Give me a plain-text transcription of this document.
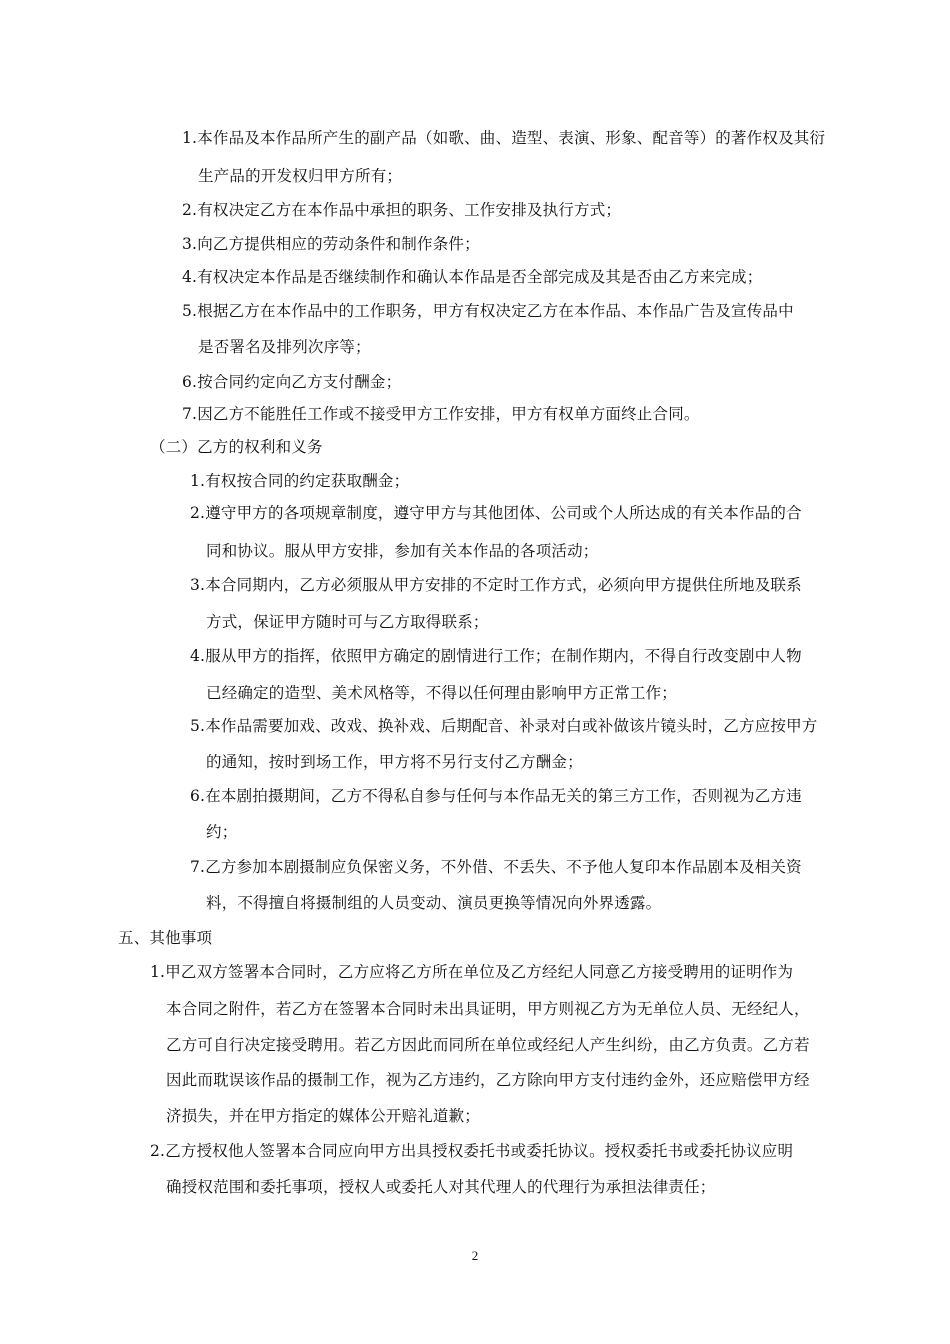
1.本作品及本作品所产生的副产品（如歌、曲、造型、表演、形象、配音等）的著作权及其衍
生产品的开发权归甲方所有；
2.有权决定乙方在本作品中承担的职务、工作安排及执行方式；
3.向乙方提供相应的劳动条件和制作条件；
4.有权决定本作品是否继续制作和确认本作品是否全部完成及其是否由乙方来完成；
5.根据乙方在本作品中的工作职务，甲方有权决定乙方在本作品、本作品广告及宣传品中
是否署名及排列次序等；
6.按合同约定向乙方支付酬金；
7.因乙方不能胜任工作或不接受甲方工作安排，甲方有权单方面终止合同。
（二）乙方的权利和义务
1.有权按合同的约定获取酬金；
2.遵守甲方的各项规章制度，遵守甲方与其他团体、公司或个人所达成的有关本作品的合
同和协议。服从甲方安排，参加有关本作品的各项活动；
3.本合同期内，乙方必须服从甲方安排的不定时工作方式，必须向甲方提供住所地及联系
方式，保证甲方随时可与乙方取得联系；
4.服从甲方的指挥，依照甲方确定的剧情进行工作；在制作期内，不得自行改变剧中人物
已经确定的造型、美术风格等，不得以任何理由影响甲方正常工作；
5.本作品需要加戏、改戏、换补戏、后期配音、补录对白或补做该片镜头时，乙方应按甲方
的通知，按时到场工作，甲方将不另行支付乙方酬金；
6.在本剧拍摄期间，乙方不得私自参与任何与本作品无关的第三方工作，否则视为乙方违
约；
7.乙方参加本剧摄制应负保密义务，不外借、不丢失、不予他人复印本作品剧本及相关资
料，不得擅自将摄制组的人员变动、演员更换等情况向外界透露。
五、其他事项
1.甲乙双方签署本合同时，乙方应将乙方所在单位及乙方经纪人同意乙方接受聘用的证明作为
本合同之附件，若乙方在签署本合同时未出具证明，甲方则视乙方为无单位人员、无经纪人，
乙方可自行决定接受聘用。若乙方因此而同所在单位或经纪人产生纠纷，由乙方负责。乙方若
因此而耽误该作品的摄制工作，视为乙方违约，乙方除向甲方支付违约金外，还应赔偿甲方经
济损失，并在甲方指定的媒体公开赔礼道歉；
2.乙方授权他人签署本合同应向甲方出具授权委托书或委托协议。授权委托书或委托协议应明
确授权范围和委托事项，授权人或委托人对其代理人的代理行为承担法律责任；
2
